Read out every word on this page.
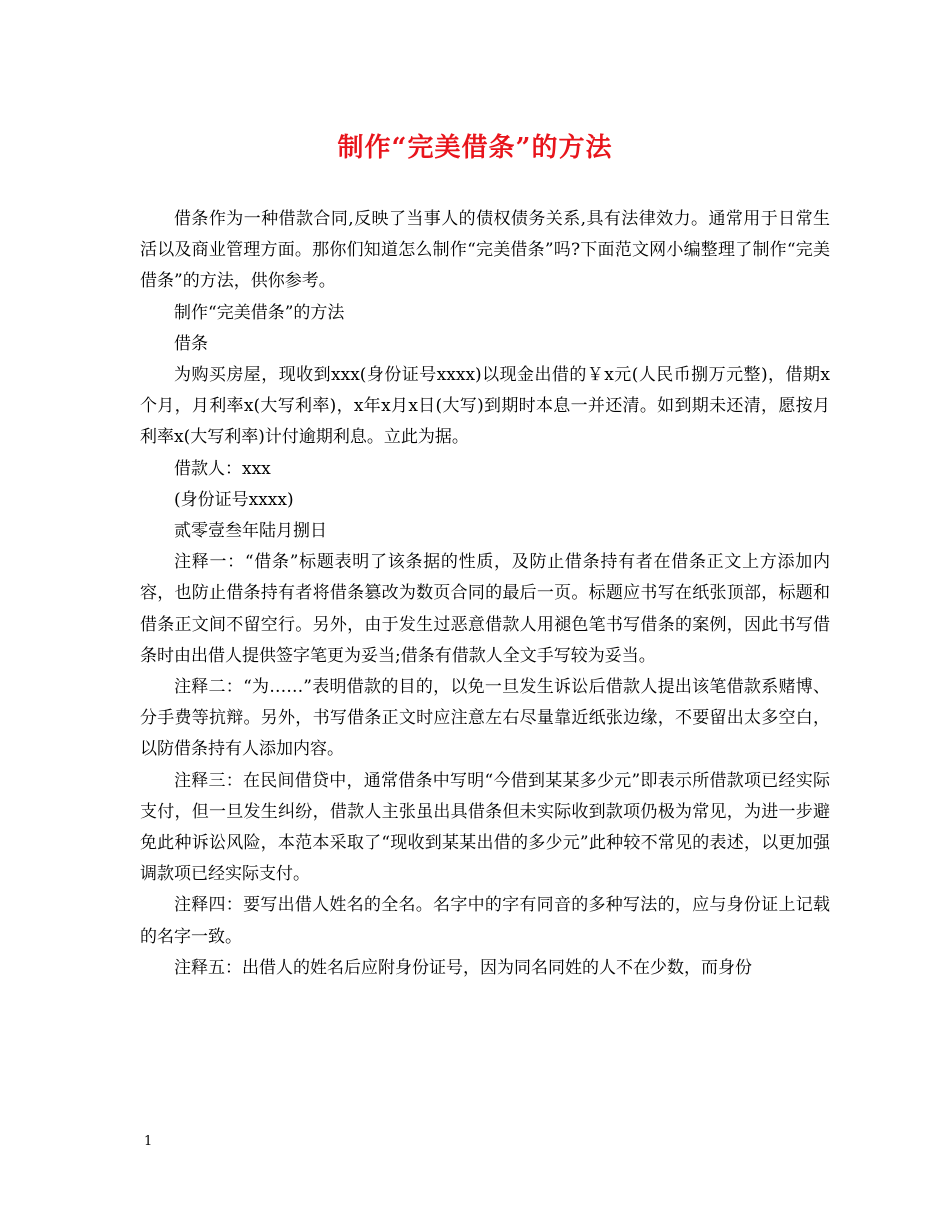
制作“完美借条”的方法

借条作为一种借款合同,反映了当事人的债权债务关系,具有法律效力。通常用于日常生活以及商业管理方面。那你们知道怎么制作“完美借条”吗?下面范文网小编整理了制作“完美借条”的方法，供你参考。

制作“完美借条”的方法

借条

为购买房屋，现收到xxx(身份证号xxxx)以现金出借的￥x元(人民币捌万元整)，借期x个月，月利率x(大写利率)，x年x月x日(大写)到期时本息一并还清。如到期未还清，愿按月利率x(大写利率)计付逾期利息。立此为据。

借款人：xxx

(身份证号xxxx)

贰零壹叁年陆月捌日

注释一：“借条”标题表明了该条据的性质，及防止借条持有者在借条正文上方添加内容，也防止借条持有者将借条篡改为数页合同的最后一页。标题应书写在纸张顶部，标题和借条正文间不留空行。另外，由于发生过恶意借款人用褪色笔书写借条的案例，因此书写借条时由出借人提供签字笔更为妥当;借条有借款人全文手写较为妥当。

注释二：“为……”表明借款的目的，以免一旦发生诉讼后借款人提出该笔借款系赌博、分手费等抗辩。另外，书写借条正文时应注意左右尽量靠近纸张边缘，不要留出太多空白，以防借条持有人添加内容。

注释三：在民间借贷中，通常借条中写明“今借到某某多少元”即表示所借款项已经实际支付，但一旦发生纠纷，借款人主张虽出具借条但未实际收到款项仍极为常见，为进一步避免此种诉讼风险，本范本采取了“现收到某某出借的多少元”此种较不常见的表述，以更加强调款项已经实际支付。

注释四：要写出借人姓名的全名。名字中的字有同音的多种写法的，应与身份证上记载的名字一致。

注释五：出借人的姓名后应附身份证号，因为同名同姓的人不在少数，而身份

1
